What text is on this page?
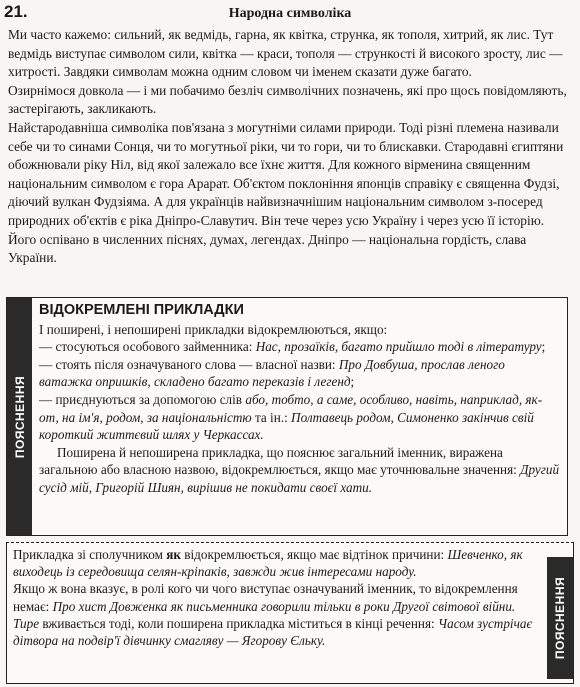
21.	Народна символіка

Ми часто кажемо: сильний, як ведмідь, гарна, як квітка, струнка, як тополя, хитрий, як лис. Тут ведмідь виступає символом сили, квітка — краси, тополя — стрункості й високого зросту, лис — хитрості. Завдяки символам можна одним словом чи іменем сказати дуже багато.

Озирнімося довкола — і ми побачимо безліч символічних позначень, які про щось повідомляють, застерігають, закликають.

Найстародавніша символіка пов'язана з могутніми силами природи. Тоді різні племена називали себе чи то синами Сонця, чи то могутньої ріки, чи то гори, чи то блискавки. Стародавні єгиптяни обожнювали ріку Ніл, від якої залежало все їхнє життя. Для кожного вірменина священним національним символом є гора Арарат. Об'єктом поклоніння японців справіку є священна Фудзі, діючий вулкан Фудзіяма. А для українців найвизначнішим національним символом з-посеред природних об'єктів є ріка Дніпро-Славутич. Він тече через усю Україну і через усю її історію. Його оспівано в численних піснях, думах, легендах. Дніпро — національна гордість, слава України.

ПОЯСНЕННЯ
ВІДОКРЕМЛЕНІ ПРИКЛАДКИ

І поширені, і непоширені прикладки відокремлюються, якщо:

— стосуються особового займенника: Нас, прозаїків, багато прийшло тоді в літературу;

— стоять після означуваного слова — власної назви: Про Довбуша, прослав леного ватажка опришків, складено багато переказів і легенд;

— приєднуються за допомогою слів або, тобто, а саме, особливо, навіть, наприклад, як-от, на ім'я, родом, за національністю та ін.: Полтавець родом, Симоненко закінчив свій короткий життєвий шлях у Черкассах.

Поширена й непоширена прикладка, що пояснює загальний іменник, виражена загальною або власною назвою, відокремлюється, якщо має уточнювальне значення: Другий сусід мій, Григорій Шиян, вирішив не покидати своєї хати.

Прикладка зі сполучником як відокремлюється, якщо має відтінок причини: Шевченко, як виходець із середовища селян-кріпаків, завжди жив інтересами народу.

Якщо ж вона вказує, в ролі кого чи чого виступає означуваний іменник, то відокремлення немає: Про хист Довженка як письменника говорили тільки в роки Другої світової війни.

Тире вживається тоді, коли поширена прикладка міститься в кінці речення: Часом зустрічає дітвора на подвір'ї дівчинку смагляву — Ягорову Єльку.	ПОЯСНЕННЯ
